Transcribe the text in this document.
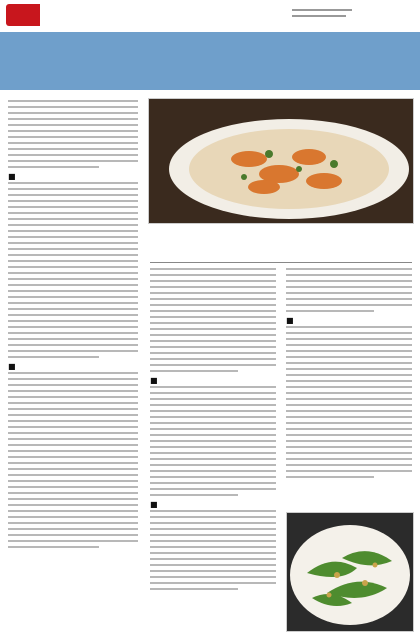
■
■
■
■
■
